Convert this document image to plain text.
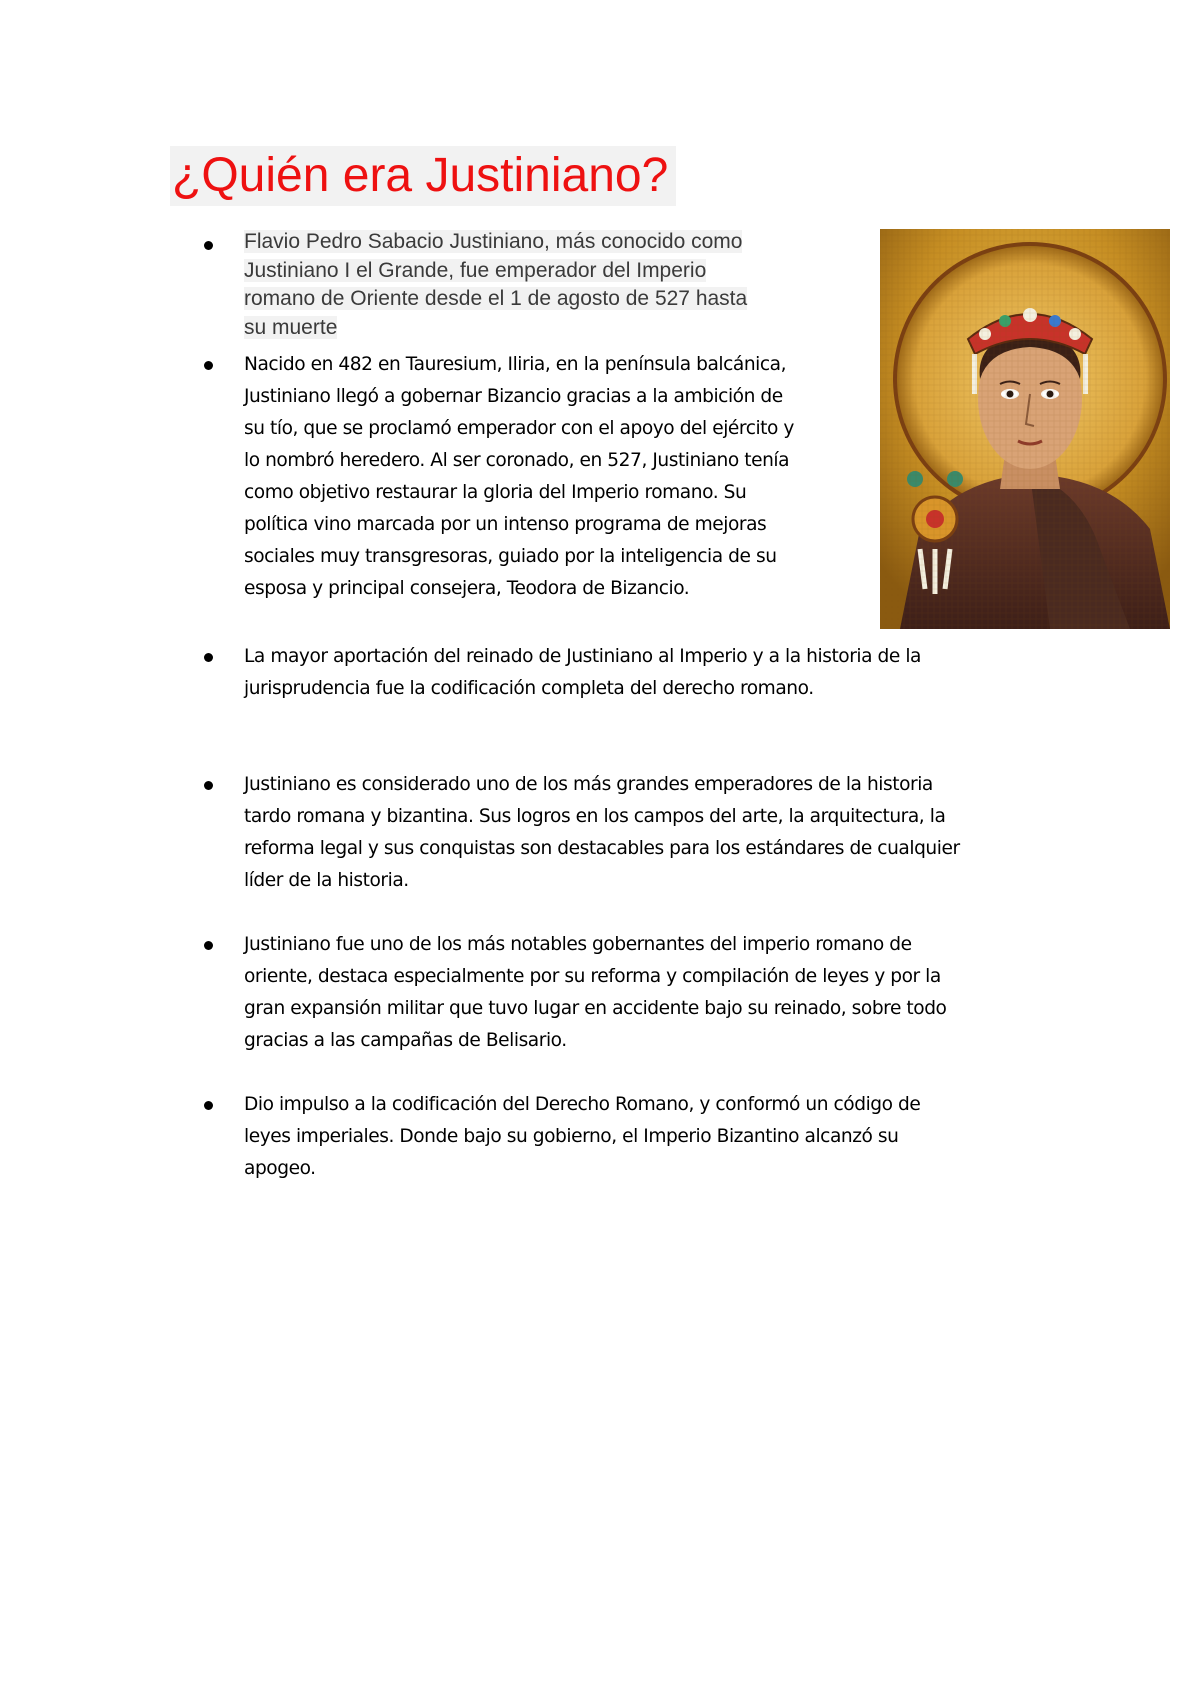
¿Quién era Justiniano?
Flavio Pedro Sabacio Justiniano, más conocido como
Justiniano I el Grande, fue emperador del Imperio
romano de Oriente desde el 1 de agosto de 527 hasta
su muerte
Nacido en 482 en Tauresium, Iliria, en la península balcánica,
Justiniano llegó a gobernar Bizancio gracias a la ambición de
su tío, que se proclamó emperador con el apoyo del ejército y
lo nombró heredero. Al ser coronado, en 527, Justiniano tenía
como objetivo restaurar la gloria del Imperio romano. Su
política vino marcada por un intenso programa de mejoras
sociales muy transgresoras, guiado por la inteligencia de su
esposa y principal consejera, Teodora de Bizancio.
La mayor aportación del reinado de Justiniano al Imperio y a la historia de la
jurisprudencia fue la codificación completa del derecho romano.
Justiniano es considerado uno de los más grandes emperadores de la historia
tardo romana y bizantina. Sus logros en los campos del arte, la arquitectura, la
reforma legal y sus conquistas son destacables para los estándares de cualquier
líder de la historia.
Justiniano fue uno de los más notables gobernantes del imperio romano de
oriente, destaca especialmente por su reforma y compilación de leyes y por la
gran expansión militar que tuvo lugar en accidente bajo su reinado, sobre todo
gracias a las campañas de Belisario.
Dio impulso a la codificación del Derecho Romano, y conformó un código de
leyes imperiales. Donde bajo su gobierno, el Imperio Bizantino alcanzó su
apogeo.
